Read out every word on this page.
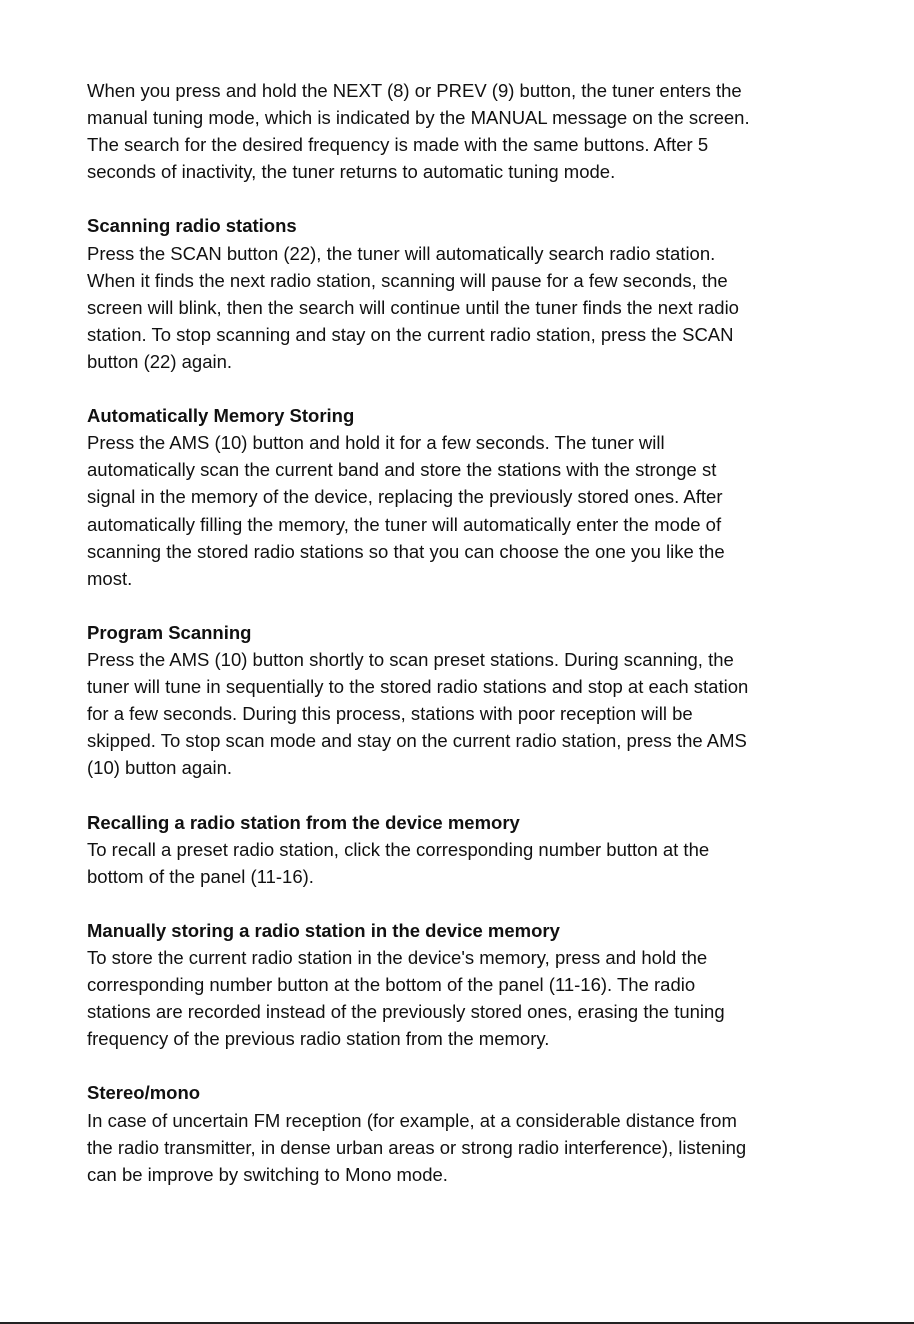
When you press and hold the NEXT (8) or PREV (9) button, the tuner enters the
manual tuning mode, which is indicated by the MANUAL message on the screen.
The search for the desired frequency is made with the same buttons. After 5
seconds of inactivity, the tuner returns to automatic tuning mode.
Scanning radio stations
Press the SCAN button (22), the tuner will automatically search radio station.
When it finds the next radio station, scanning will pause for a few seconds, the
screen will blink, then the search will continue until the tuner finds the next radio
station. To stop scanning and stay on the current radio station, press the SCAN
button (22) again.
Automatically Memory Storing
Press the AMS (10) button and hold it for a few seconds. The tuner will
automatically scan the current band and store the stations with the stronge st
signal in the memory of the device, replacing the previously stored ones. After
automatically filling the memory, the tuner will automatically enter the mode of
scanning the stored radio stations so that you can choose the one you like the
most.
Program Scanning
Press the AMS (10) button shortly to scan preset stations. During scanning, the
tuner will tune in sequentially to the stored radio stations and stop at each station
for a few seconds. During this process, stations with poor reception will be
skipped. To stop scan mode and stay on the current radio station, press the AMS
(10) button again.
Recalling a radio station from the device memory
To recall a preset radio station, click the corresponding number button at the
bottom of the panel (11-16).
Manually storing a radio station in the device memory
To store the current radio station in the device's memory, press and hold the
corresponding number button at the bottom of the panel (11-16). The radio
stations are recorded instead of the previously stored ones, erasing the tuning
frequency of the previous radio station from the memory.
Stereo/mono
In case of uncertain FM reception (for example, at a considerable distance from
the radio transmitter, in dense urban areas or strong radio interference), listening
can be improve by switching to Mono mode.
